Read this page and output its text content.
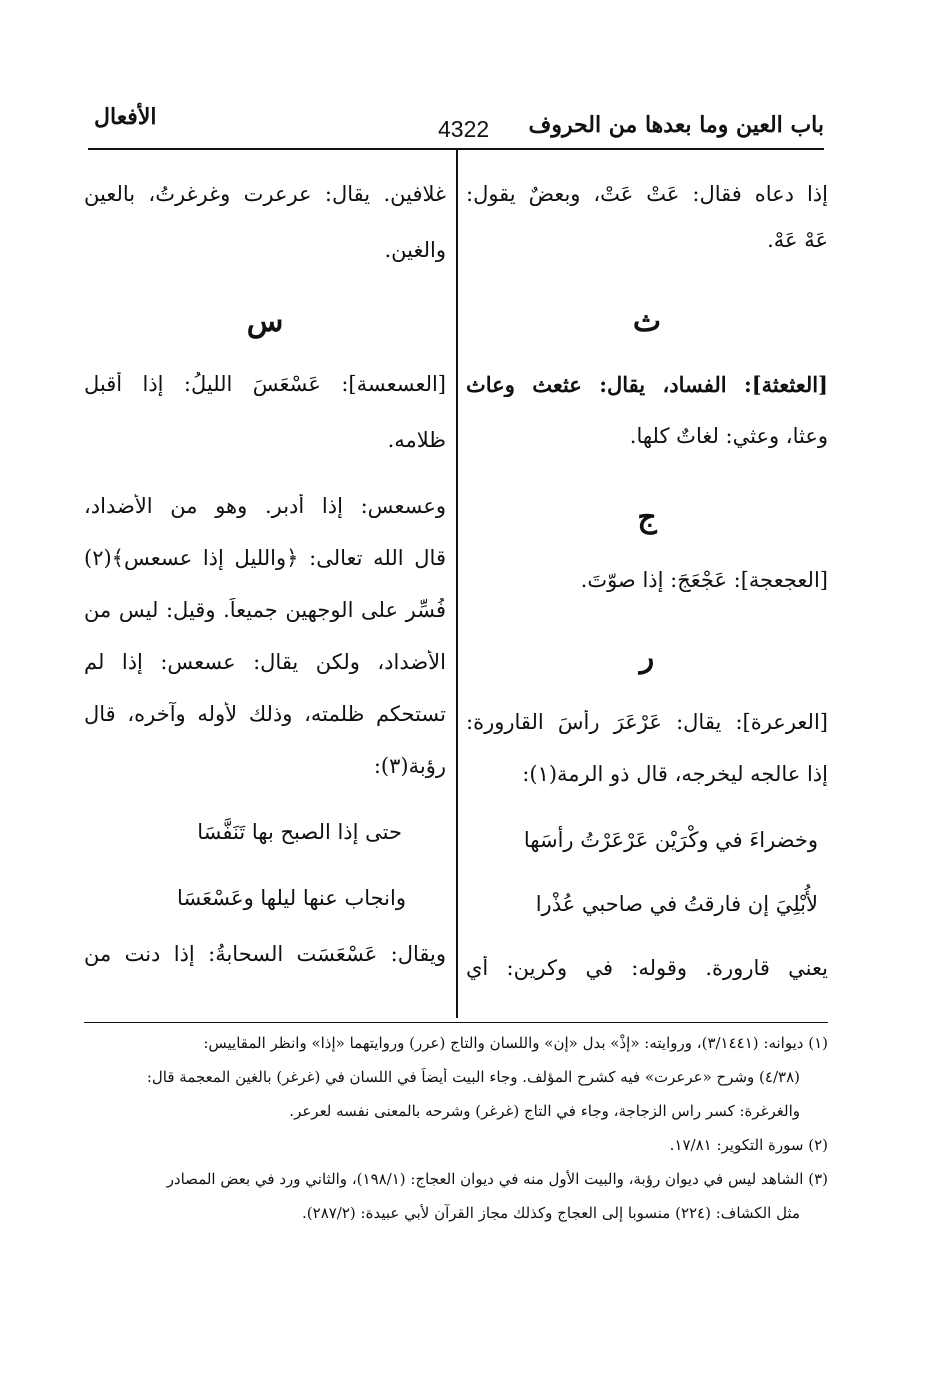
باب العين وما بعدها من الحروف
4322
الأفعال
إذا دعاه فقال: عَتْ عَتْ، وبعضٌ يقول:
عَهْ عَهْ.
ث
[العثعثة]: الفساد، يقال: عثعث وعاث
وعثا، وعثي: لغاتٌ كلها.
ج
[العجعجة]: عَجْعَجَ: إذا صوّتَ.
ر
[العرعرة]: يقال: عَرْعَرَ رأسَ القارورة:
إذا عالجه ليخرجه، قال ذو الرمة(١):
وخضراءَ في وكْرَيْن عَرْعَرْتُ رأسَها
لأُبْلِيَ إن فارقتُ في صاحبي عُذْرا
يعني قارورة. وقوله: في وكرين: أي
غلافين. يقال: عرعرت وغرغرتُ، بالعين
والغين.
س
[العسعسة]: عَسْعَسَ الليلُ: إذا أقبل
ظلامه.
وعسعس: إذا أدبر. وهو من الأضداد،
قال الله تعالى: ﴿والليل إذا عسعس﴾(٢)
فُسِّر على الوجهين جميعاً. وقيل: ليس من
الأضداد، ولكن يقال: عسعس: إذا لم
تستحكم ظلمته، وذلك لأوله وآخره، قال
رؤبة(٣):
حتى إذا الصبح بها تَنَفَّسَا
وانجاب عنها ليلها وعَسْعَسَا
ويقال: عَسْعَسَت السحابةُ: إذا دنت من
(١) ديوانه: (٣/١٤٤١)، وروايته: «إذْ» بدل «إن» واللسان والتاج (عرر) وروايتهما «إذا» وانظر المقاييس:
(٤/٣٨) وشرح «عرعرت» فيه كشرح المؤلف. وجاء البيت أيضاً في اللسان في (غرغر) بالغين المعجمة قال:
والغرغرة: كسر راس الزجاجة، وجاء في التاج (غرغر) وشرحه بالمعنى نفسه لعرعر.
(٢) سورة التكوير: ١٧/٨١.
(٣) الشاهد ليس في ديوان رؤبة، والبيت الأول منه في ديوان العجاج: (١٩٨/١)، والثاني ورد في بعض المصادر
مثل الكشاف: (٢٢٤) منسوبا إلى العجاج وكذلك مجاز القرآن لأبي عبيدة: (٢٨٧/٢).
